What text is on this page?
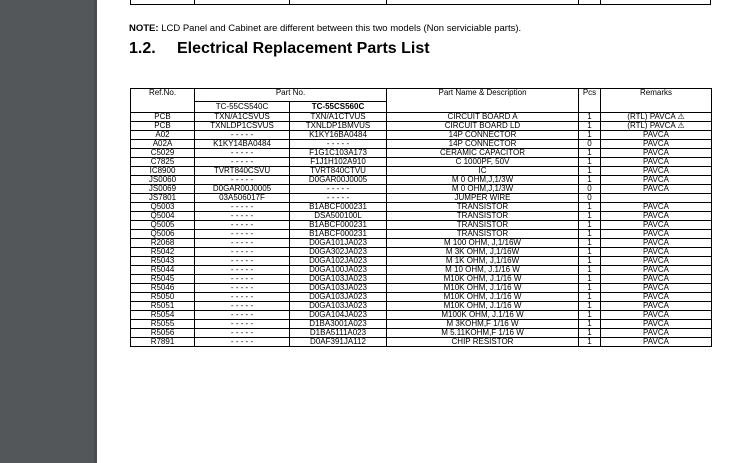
NOTE: LCD Panel and Cabinet are different between this two models (Non serviciable parts).
1.2. Electrical Replacement Parts List
Ref.No.	Part No.		Part Name & Description	Pcs	Remarks
	TC-55CS540C	TC-55CS560C			
PCB	TXN/A1CSVUS	TXN/A1CTVUS	CIRCUIT BOARD A	1	(RTL) PAVCA ⚠
PCB	TXNLDP1CSVUS	TXNLDP1BMVUS	CIRCUIT BOARD LD	1	(RTL) PAVCA ⚠
A02	- - - - -	K1KY16BA0484	14P CONNECTOR	1	PAVCA
A02A	K1KY14BA0484	- - - - -	14P CONNECTOR	0	PAVCA
C5029	- - - - -	F1G1C103A173	CERAMIC CAPACITOR	1	PAVCA
C7825	- - - - -	F1J1H102A910	C 1000PF, 50V	1	PAVCA
IC8900	TVRT840CSVU	TVRT840CTVU	IC	1	PAVCA
JS0060	- - - - -	D0GAR00J0005	M 0 OHM,J,1/3W	1	PAVCA
JS0069	D0GAR00J0005	- - - - -	M 0 OHM,J,1/3W	0	PAVCA
JS7801	03A506017F	- - - - -	JUMPER WIRE	0	
Q5003	- - - - -	B1ABCF000231	TRANSISTOR	1	PAVCA
Q5004	- - - - -	DSA500100L	TRANSISTOR	1	PAVCA
Q5005	- - - - -	B1ABCF000231	TRANSISTOR	1	PAVCA
Q5006	- - - - -	B1ABCF000231	TRANSISTOR	1	PAVCA
R2068	- - - - -	D0GA101JA023	M 100 OHM, J,1/16W	1	PAVCA
R5042	- - - - -	D0GA302JA023	M 3K OHM, J,1/16W	1	PAVCA
R5043	- - - - -	D0GA102JA023	M 1K OHM, J,1/16W	1	PAVCA
R5044	- - - - -	D0GA100JA023	M 10 OHM, J.1/16 W	1	PAVCA
R5045	- - - - -	D0GA103JA023	M10K OHM, J.1/16 W	1	PAVCA
R5046	- - - - -	D0GA103JA023	M10K OHM, J.1/16 W	1	PAVCA
R5050	- - - - -	D0GA103JA023	M10K OHM, J.1/16 W	1	PAVCA
R5051	- - - - -	D0GA103JA023	M10K OHM, J.1/16 W	1	PAVCA
R5054	- - - - -	D0GA104JA023	M100K OHM, J.1/16 W	1	PAVCA
R5055	- - - - -	D1BA3001A023	M 3KOHM,F 1/16 W	1	PAVCA
R5056	- - - - -	D1BA5111A023	M 5.11KOHM,F 1/16 W	1	PAVCA
R7891	- - - - -	D0AF391JA112	CHIP RESISTOR	1	PAVCA
